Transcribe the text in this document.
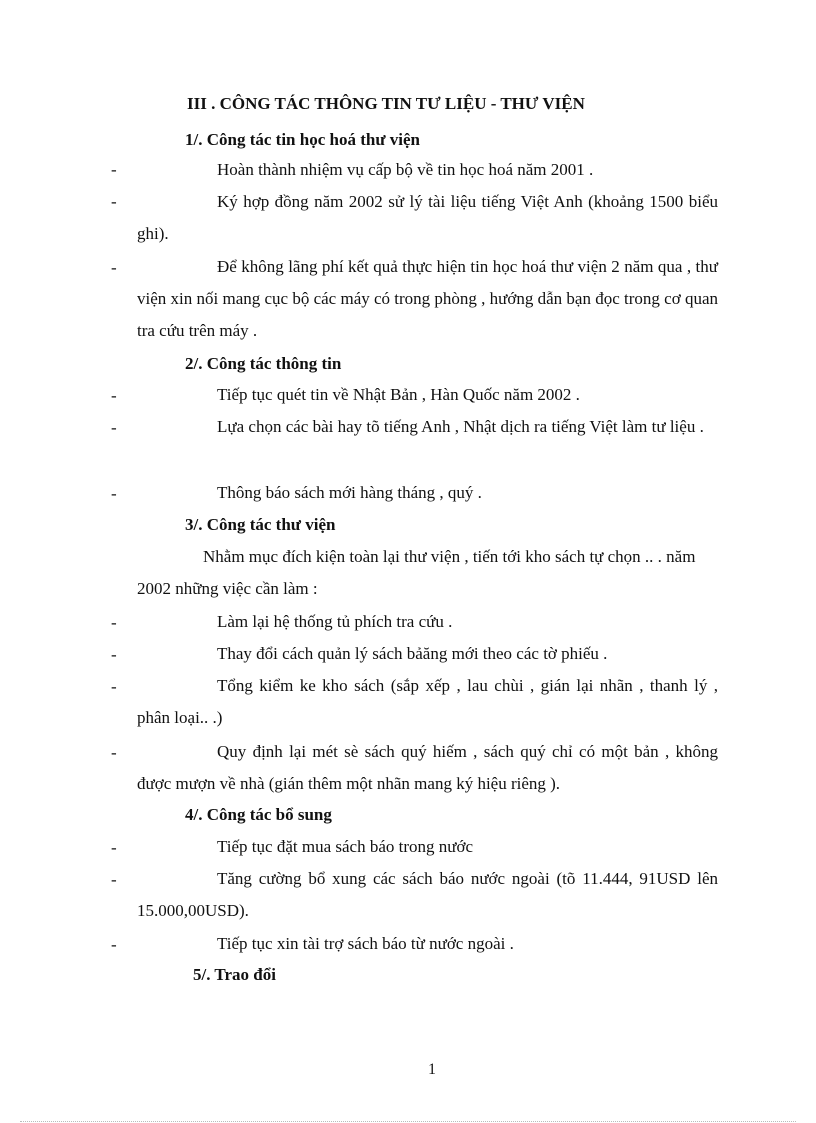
III . CÔNG TÁC THÔNG TIN TƯ LIỆU - THƯ VIỆN
1/. Công tác tin học hoá thư viện
-	Hoàn thành nhiệm vụ cấp bộ về tin học hoá năm 2001 .
-	Ký hợp đồng năm 2002 sử lý tài liệu tiếng Việt Anh (khoảng 1500 biểu ghi).
-	Để không lãng phí kết quả thực hiện tin học hoá thư viện 2 năm qua , thư viện xin nối mang cục bộ các máy có trong phòng , hướng dẫn bạn đọc trong cơ quan tra cứu trên máy .
2/. Công tác thông tin
-	Tiếp tục quét tin về Nhật Bản , Hàn Quốc năm 2002 .
-	Lựa chọn các bài hay tõ tiếng Anh , Nhật dịch ra tiếng Việt làm tư liệu .
-	Thông báo sách mới hàng tháng , quý .
3/. Công tác thư viện
Nhằm mục đích kiện toàn lại thư viện , tiến tới kho sách tự chọn .. . năm 2002 những việc cần làm :
-	Làm lại hệ thống tủ phích tra cứu .
-	Thay đổi cách quản lý sách bảăng mới theo các tờ phiếu .
-	Tổng kiểm ke kho sách (sắp xếp , lau chùi , gián lại nhãn , thanh lý , phân loại.. .)
-	Quy định lại mét sè sách quý hiếm , sách quý chỉ có một bản , không được mượn về nhà (gián thêm một nhãn mang ký hiệu riêng ).
4/. Công tác bổ sung
-	Tiếp tục đặt mua sách báo trong nước
-	Tăng cường bổ xung các sách báo nước ngoài (tõ 11.444, 91USD lên 15.000,00USD).
-	Tiếp tục xin tài trợ sách báo từ nước ngoài .
5/. Trao đổi
1
